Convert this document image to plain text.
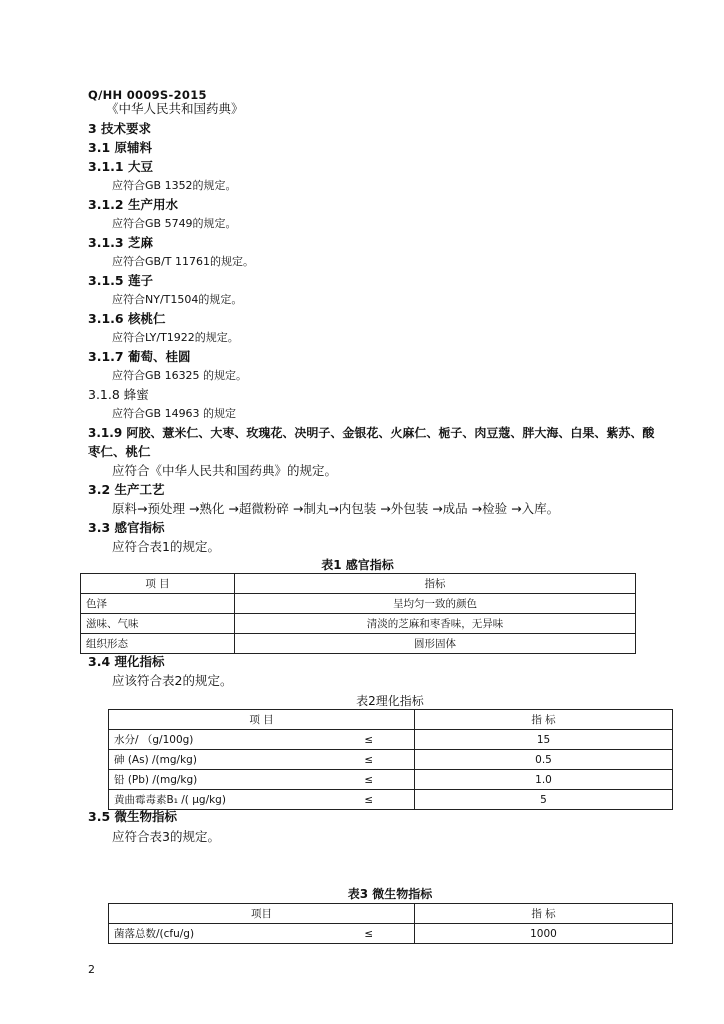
Q/HH 0009S-2015
《中华人民共和国药典》
3 技术要求
3.1 原辅料
3.1.1 大豆
应符合GB 1352的规定。
3.1.2 生产用水
应符合GB 5749的规定。
3.1.3 芝麻
应符合GB/T 11761的规定。
3.1.5 莲子
应符合NY/T1504的规定。
3.1.6 核桃仁
应符合LY/T1922的规定。
3.1.7 葡萄、桂圆
应符合GB 16325 的规定。
3.1.8 蜂蜜
应符合GB 14963 的规定
3.1.9 阿胶、薏米仁、大枣、玫瑰花、决明子、金银花、火麻仁、栀子、肉豆蔻、胖大海、白果、紫苏、酸
枣仁、桃仁
应符合《中华人民共和国药典》的规定。
3.2 生产工艺
原料→预处理 →熟化 →超微粉碎 →制丸→内包装 →外包装 →成品 →检验 →入库。
3.3 感官指标
应符合表1的规定。
表1 感官指标
项 目	指标
色泽	呈均匀一致的颜色
滋味、气味	清淡的芝麻和枣香味，无异味
组织形态	圆形固体
3.4 理化指标
应该符合表2的规定。
表2理化指标
项 目		指 标
水分/ （g/100g)	≤	15
砷 (As) /(mg/kg)	≤	0.5
铅 (Pb) /(mg/kg)	≤	1.0
黄曲霉毒素B₁ /( μg/kg)	≤	5
3.5 微生物指标
应符合表3的规定。
表3 微生物指标
项目		指 标
菌落总数/(cfu/g)	≤	1000
2
